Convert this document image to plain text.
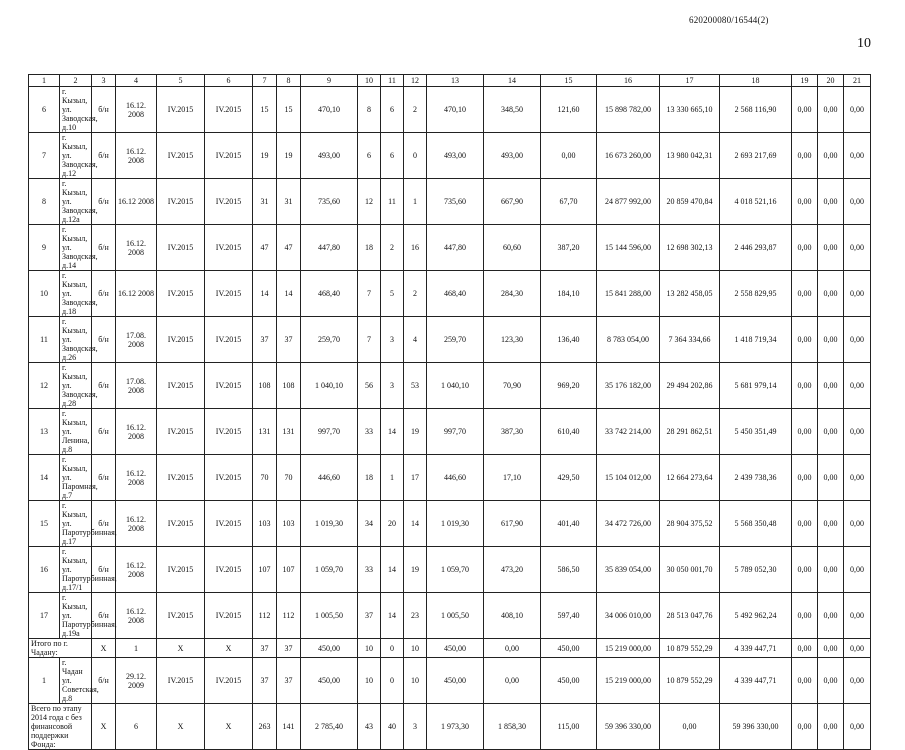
620200080/16544(2)
10
1	2	3	4	5	6	7	8	9	10	11	12	13	14	15	16	17	18	19	20	21
6	г. Кызыл, ул. Заводская, д.10	б/н	16.12. 2008	IV.2015	IV.2015	15	15	470,10	8	6	2	470,10	348,50	121,60	15 898 782,00	13 330 665,10	2 568 116,90	0,00	0,00	0,00
7	г. Кызыл, ул. Заводская, д.12	б/н	16.12. 2008	IV.2015	IV.2015	19	19	493,00	6	6	0	493,00	493,00	0,00	16 673 260,00	13 980 042,31	2 693 217,69	0,00	0,00	0,00
8	г. Кызыл, ул. Заводская, д.12а	б/н	16.12 2008	IV.2015	IV.2015	31	31	735,60	12	11	1	735,60	667,90	67,70	24 877 992,00	20 859 470,84	4 018 521,16	0,00	0,00	0,00
9	г. Кызыл, ул. Заводская, д.14	б/н	16.12. 2008	IV.2015	IV.2015	47	47	447,80	18	2	16	447,80	60,60	387,20	15 144 596,00	12 698 302,13	2 446 293,87	0,00	0,00	0,00
10	г. Кызыл, ул. Заводская, д.18	б/н	16.12 2008	IV.2015	IV.2015	14	14	468,40	7	5	2	468,40	284,30	184,10	15 841 288,00	13 282 458,05	2 558 829,95	0,00	0,00	0,00
11	г. Кызыл, ул. Заводская, д.26	б/н	17.08. 2008	IV.2015	IV.2015	37	37	259,70	7	3	4	259,70	123,30	136,40	8 783 054,00	7 364 334,66	1 418 719,34	0,00	0,00	0,00
12	г. Кызыл, ул. Заводская, д.28	б/н	17.08. 2008	IV.2015	IV.2015	108	108	1 040,10	56	3	53	1 040,10	70,90	969,20	35 176 182,00	29 494 202,86	5 681 979,14	0,00	0,00	0,00
13	г. Кызыл, ул. Ленина, д.8	б/н	16.12. 2008	IV.2015	IV.2015	131	131	997,70	33	14	19	997,70	387,30	610,40	33 742 214,00	28 291 862,51	5 450 351,49	0,00	0,00	0,00
14	г. Кызыл, ул. Паромная, д.7	б/н	16.12. 2008	IV.2015	IV.2015	70	70	446,60	18	1	17	446,60	17,10	429,50	15 104 012,00	12 664 273,64	2 439 738,36	0,00	0,00	0,00
15	г. Кызыл, ул. Паротурбинная, д.17	б/н	16.12. 2008	IV.2015	IV.2015	103	103	1 019,30	34	20	14	1 019,30	617,90	401,40	34 472 726,00	28 904 375,52	5 568 350,48	0,00	0,00	0,00
16	г. Кызыл, ул. Паротурбинная, д.17/1	б/н	16.12. 2008	IV.2015	IV.2015	107	107	1 059,70	33	14	19	1 059,70	473,20	586,50	35 839 054,00	30 050 001,70	5 789 052,30	0,00	0,00	0,00
17	г. Кызыл, ул. Паротурбинная, д.19а	б/н	16.12. 2008	IV.2015	IV.2015	112	112	1 005,50	37	14	23	1 005,50	408,10	597,40	34 006 010,00	28 513 047,76	5 492 962,24	0,00	0,00	0,00
Итого по г. Чадану:		X	1	X	X	37	37	450,00	10	0	10	450,00	0,00	450,00	15 219 000,00	10 879 552,29	4 339 447,71	0,00	0,00	0,00
1	г. Чадан ул. Советская, д.8	б/н	29.12. 2009	IV.2015	IV.2015	37	37	450,00	10	0	10	450,00	0,00	450,00	15 219 000,00	10 879 552,29	4 339 447,71	0,00	0,00	0,00
Всего по этапу 2014 года с без финансовой поддержки Фонда:		X	6	X	X	263	141	2 785,40	43	40	3	1 973,30	1 858,30	115,00	59 396 330,00	0,00	59 396 330,00	0,00	0,00	0,00
